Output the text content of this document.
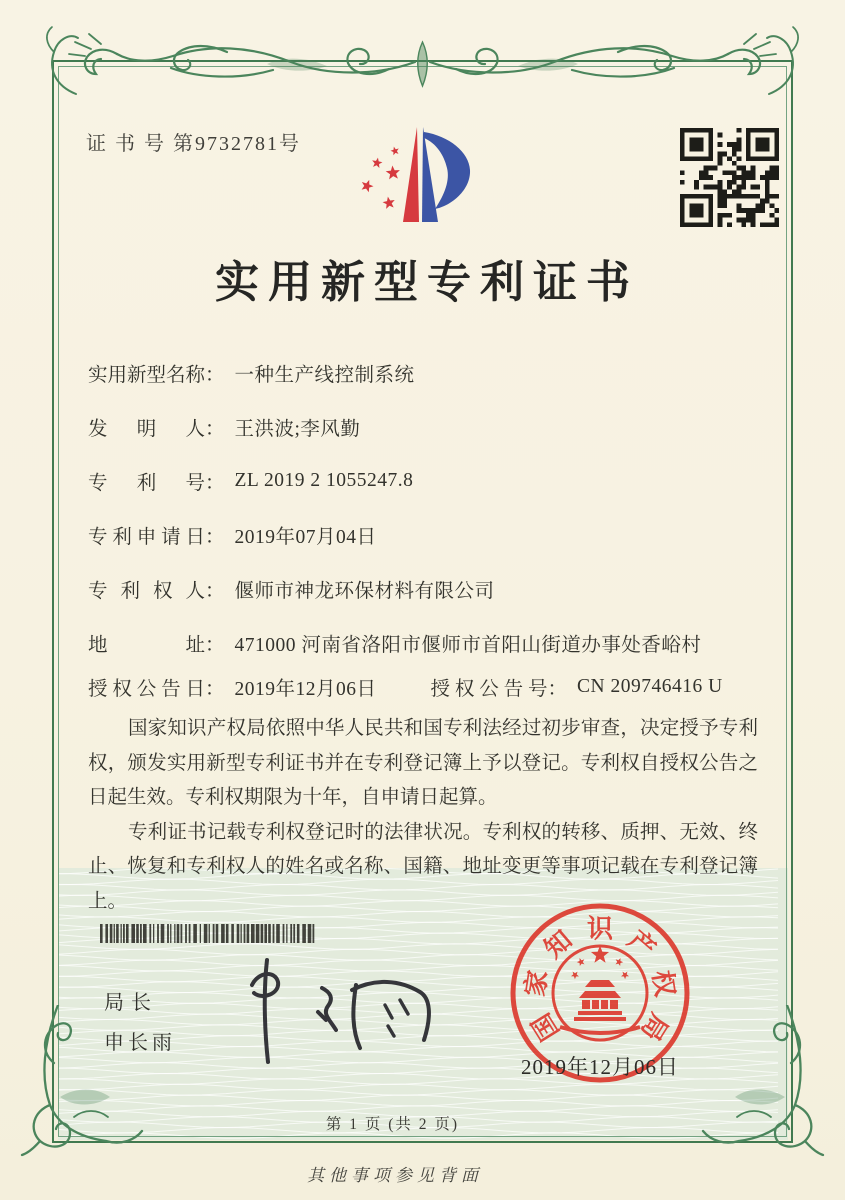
证 书 号 第9732781号
实用新型专利证书
实用新型名称 ： 一种生产线控制系统
发明人 ： 王洪波;李风勤
专利号 ： ZL 2019 2 1055247.8
专利申请日 ： 2019年07月04日
专利权人 ： 偃师市神龙环保材料有限公司
地址 ： 471000 河南省洛阳市偃师市首阳山街道办事处香峪村
授权公告日 ： 2019年12月06日	授权公告号 ： CN 209746416 U

国家知识产权局依照中华人民共和国专利法经过初步审查，决定授予专利权，颁发实用新型专利证书并在专利登记簿上予以登记。专利权自授权公告之日起生效。专利权期限为十年，自申请日起算。

专利证书记载专利权登记时的法律状况。专利权的转移、质押、无效、终止、恢复和专利权人的姓名或名称、国籍、地址变更等事项记载在专利登记簿上。

局长
申长雨	国
家
知 识 产
权
局
2019年12月06日
第 1 页 (共 2 页)
其他事项参见背面
